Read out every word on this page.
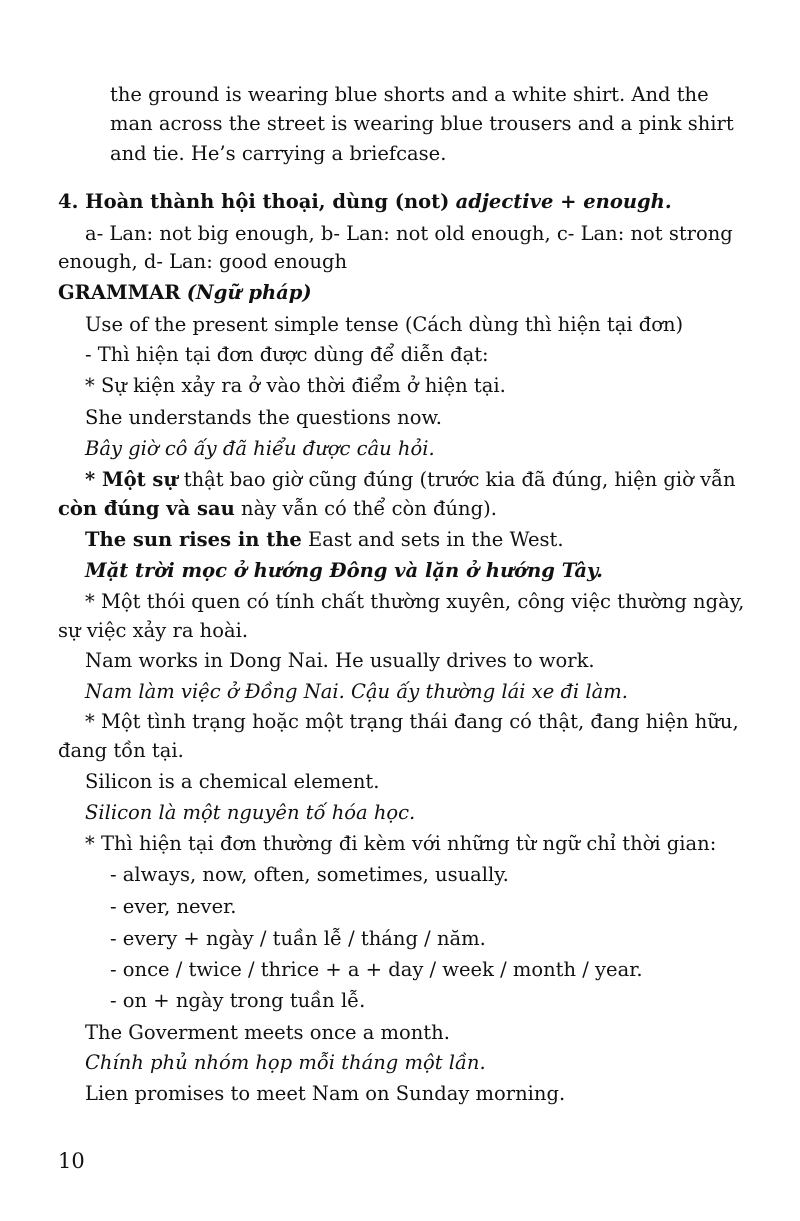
the ground is wearing blue shorts and a white shirt. And the
man across the street is wearing blue trousers and a pink shirt
and tie. He’s carrying a briefcase.
4. Hoàn thành hội thoại, dùng (not) adjective + enough.
a- Lan: not big enough, b- Lan: not old enough, c- Lan: not strong
enough, d- Lan: good enough
GRAMMAR (Ngữ pháp)
Use of the present simple tense (Cách dùng thì hiện tại đơn)
- Thì hiện tại đơn được dùng để diễn đạt:
* Sự kiện xảy ra ở vào thời điểm ở hiện tại.
She understands the questions now.
Bây giờ cô ấy đã hiểu được câu hỏi.
* Một sự thật bao giờ cũng đúng (trước kia đã đúng, hiện giờ vẫn
còn đúng và sau này vẫn có thể còn đúng).
The sun rises in the East and sets in the West.
Mặt trời mọc ở hướng Đông và lặn ở hướng Tây.
* Một thói quen có tính chất thường xuyên, công việc thường ngày,
sự việc xảy ra hoài.
Nam works in Dong Nai. He usually drives to work.
Nam làm việc ở Đồng Nai. Cậu ấy thường lái xe đi làm.
* Một tình trạng hoặc một trạng thái đang có thật, đang hiện hữu,
đang tồn tại.
Silicon is a chemical element.
Silicon là một nguyên tố hóa học.
* Thì hiện tại đơn thường đi kèm với những từ ngữ chỉ thời gian:
- always, now, often, sometimes, usually.
- ever, never.
- every + ngày / tuần lễ / tháng / năm.
- once / twice / thrice + a + day / week / month / year.
- on + ngày trong tuần lễ.
The Goverment meets once a month.
Chính phủ nhóm họp mỗi tháng một lần.
Lien promises to meet Nam on Sunday morning.
10
